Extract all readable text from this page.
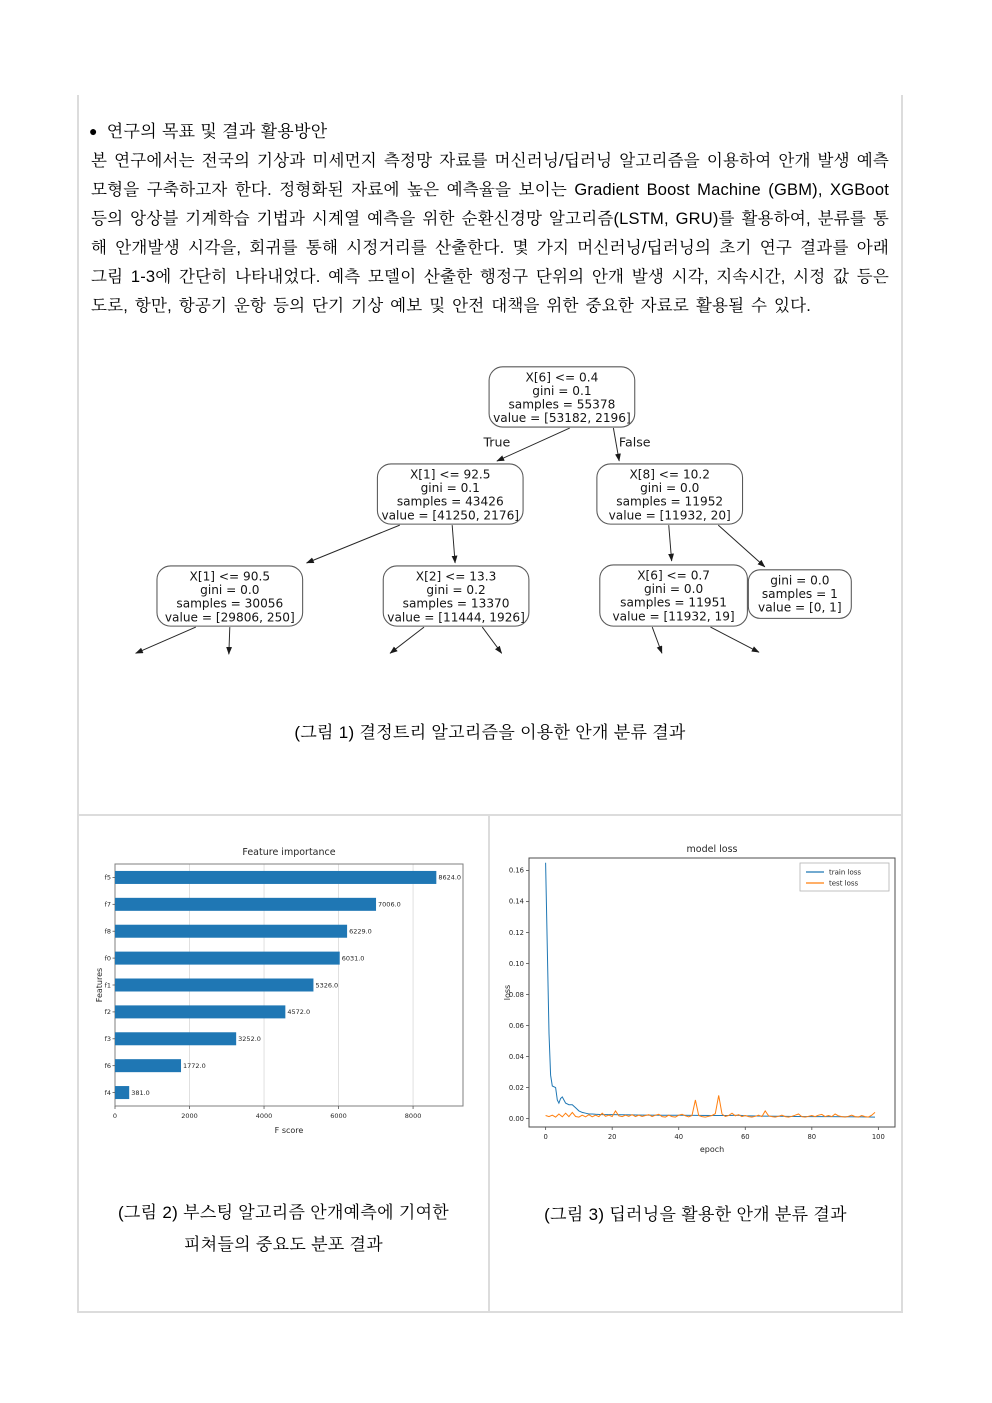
● 연구의 목표 및 결과 활용방안

본 연구에서는 전국의 기상과 미세먼지 측정망 자료를 머신러닝/딥러닝 알고리즘을 이용하여 안개 발생 예측 모형을 구축하고자 한다. 정형화된 자료에 높은 예측율을 보이는 Gradient Boost Machine (GBM), XGBoot 등의 앙상블 기계학습 기법과 시계열 예측을 위한 순환신경망 알고리즘(LSTM, GRU)를 활용하여, 분류를 통해 안개발생 시각을, 회귀를 통해 시정거리를 산출한다. 몇 가지 머신러닝/딥러닝의 초기 연구 결과를 아래 그림 1-3에 간단히 나타내었다. 예측 모델이 산출한 행정구 단위의 안개 발생 시각, 지속시간, 시정 값 등은 도로, 항만, 항공기 운항 등의 단기 기상 예보 및 안전 대책을 위한 중요한 자료로 활용될 수 있다.

True	False
X[6] <= 0.4
gini = 0.1
samples = 55378
value = [53182, 2196]
X[1] <= 92.5
gini = 0.1
samples = 43426
value = [41250, 2176]
X[8] <= 10.2
gini = 0.0
samples = 11952
value = [11932, 20]
X[1] <= 90.5
gini = 0.0
samples = 30056
value = [29806, 250]
X[2] <= 13.3
gini = 0.2
samples = 13370
value = [11444, 1926]
X[6] <= 0.7
gini = 0.0
samples = 11951
value = [11932, 19]
gini = 0.0
samples = 1
value = [0, 1]
(그림 1) 결정트리 알고리즘을 이용한 안개 분류 결과
Feature importance
f5	8624.0
f7	7006.0
f8	6229.0
f0	6031.0
f1	5326.0
f2	4572.0
f3	3252.0
f6	1772.0
f4	381.0
0	2000	4000	6000	8000
F score
Features
(그림 2) 부스팅 알고리즘 안개예측에 기여한
피쳐들의 중요도 분포 결과
model loss
0.00
0.02
0.04
0.06
0.08
0.10
0.12
0.14
0.16
0	20	40	60	80	100
train loss
test loss
epoch
loss
(그림 3) 딥러닝을 활용한 안개 분류 결과
